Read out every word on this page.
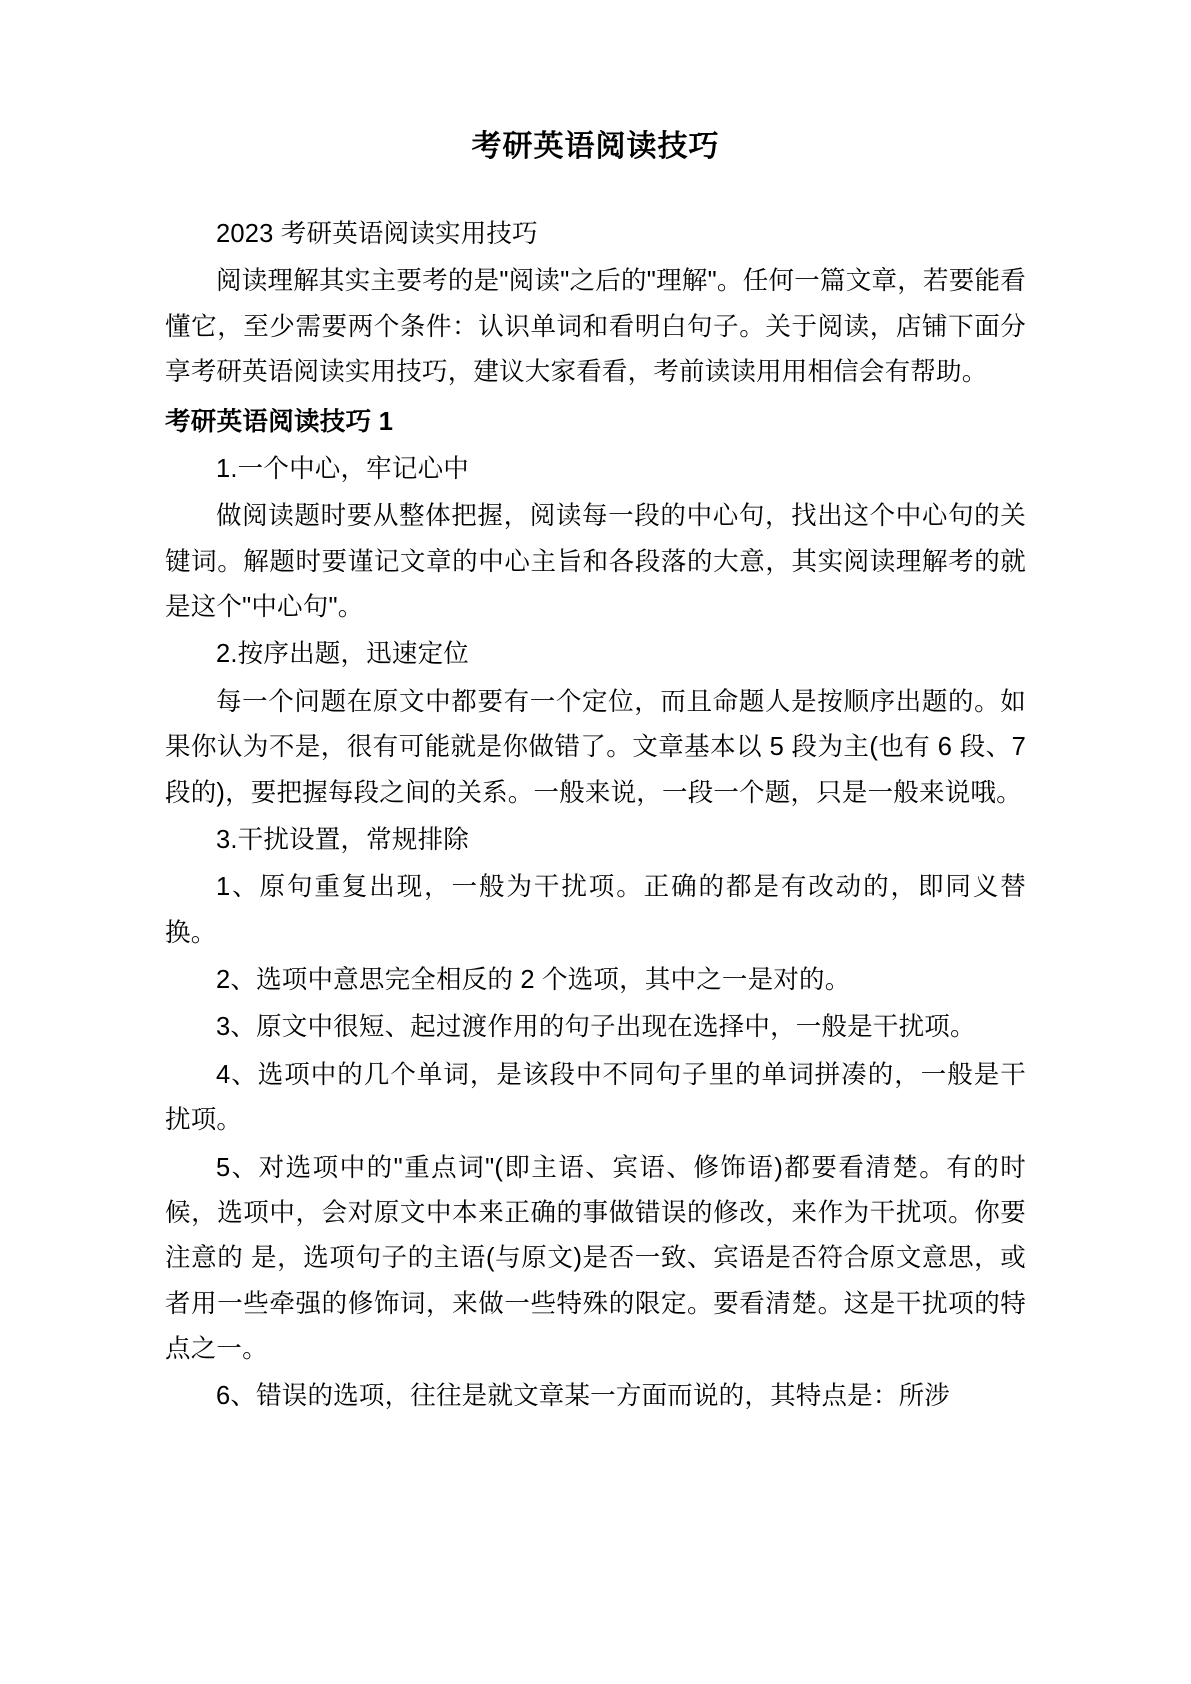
考研英语阅读技巧

2023 考研英语阅读实用技巧

阅读理解其实主要考的是"阅读"之后的"理解"。任何一篇文章，若要能看懂它，至少需要两个条件：认识单词和看明白句子。关于阅读，店铺下面分享考研英语阅读实用技巧，建议大家看看，考前读读用用相信会有帮助。

考研英语阅读技巧 1

1.一个中心，牢记心中

做阅读题时要从整体把握，阅读每一段的中心句，找出这个中心句的关键词。解题时要谨记文章的中心主旨和各段落的大意，其实阅读理解考的就是这个"中心句"。

2.按序出题，迅速定位

每一个问题在原文中都要有一个定位，而且命题人是按顺序出题的。如果你认为不是，很有可能就是你做错了。文章基本以 5 段为主(也有 6 段、7 段的)，要把握每段之间的关系。一般来说，一段一个题，只是一般来说哦。

3.干扰设置，常规排除

1、原句重复出现，一般为干扰项。正确的都是有改动的，即同义替换。

2、选项中意思完全相反的 2 个选项，其中之一是对的。

3、原文中很短、起过渡作用的句子出现在选择中，一般是干扰项。

4、选项中的几个单词，是该段中不同句子里的单词拼凑的，一般是干扰项。

5、对选项中的"重点词"(即主语、宾语、修饰语)都要看清楚。有的时候，选项中，会对原文中本来正确的事做错误的修改，来作为干扰项。你要注意的 是，选项句子的主语(与原文)是否一致、宾语是否符合原文意思，或者用一些牵强的修饰词，来做一些特殊的限定。要看清楚。这是干扰项的特点之一。

6、错误的选项，往往是就文章某一方面而说的，其特点是：所涉
